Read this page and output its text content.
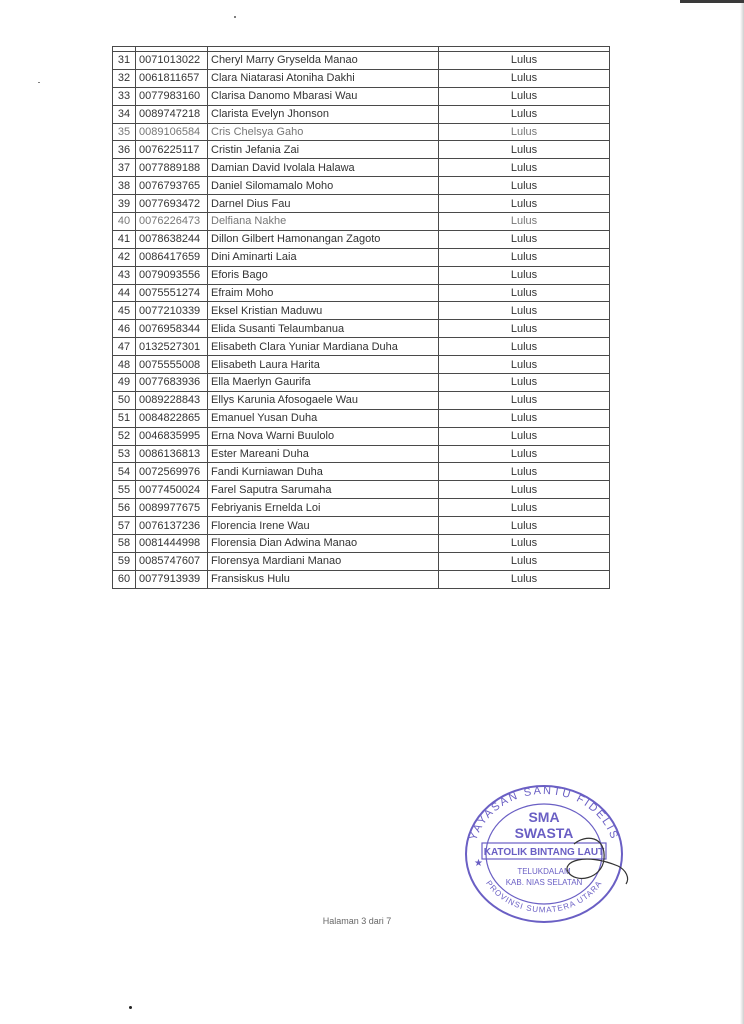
31	0071013022	Cheryl Marry Gryselda Manao	Lulus
32	0061811657	Clara Niatarasi Atoniha Dakhi	Lulus
33	0077983160	Clarisa Danomo Mbarasi Wau	Lulus
34	0089747218	Clarista Evelyn Jhonson	Lulus
35	0089106584	Cris Chelsya Gaho	Lulus
36	0076225117	Cristin Jefania Zai	Lulus
37	0077889188	Damian David Ivolala Halawa	Lulus
38	0076793765	Daniel Silomamalo Moho	Lulus
39	0077693472	Darnel Dius Fau	Lulus
40	0076226473	Delfiana Nakhe	Lulus
41	0078638244	Dillon Gilbert Hamonangan Zagoto	Lulus
42	0086417659	Dini Aminarti Laia	Lulus
43	0079093556	Eforis Bago	Lulus
44	0075551274	Efraim Moho	Lulus
45	0077210339	Eksel Kristian Maduwu	Lulus
46	0076958344	Elida Susanti Telaumbanua	Lulus
47	0132527301	Elisabeth Clara Yuniar Mardiana Duha	Lulus
48	0075555008	Elisabeth Laura Harita	Lulus
49	0077683936	Ella Maerlyn Gaurifa	Lulus
50	0089228843	Ellys Karunia Afosogaele Wau	Lulus
51	0084822865	Emanuel Yusan Duha	Lulus
52	0046835995	Erna Nova Warni Buulolo	Lulus
53	0086136813	Ester Mareani Duha	Lulus
54	0072569976	Fandi Kurniawan Duha	Lulus
55	0077450024	Farel Saputra Sarumaha	Lulus
56	0089977675	Febriyanis Ernelda Loi	Lulus
57	0076137236	Florencia Irene Wau	Lulus
58	0081444998	Florensia Dian Adwina Manao	Lulus
59	0085747607	Florensya Mardiani Manao	Lulus
60	0077913939	Fransiskus Hulu	Lulus
Halaman 3 dari 7
YAYASAN SANTU FIDELIS
PROVINSI SUMATERA UTARA
SMA
SWASTA
KATOLIK BINTANG LAUT
TELUKDALAM
KAB. NIAS SELATAN
★
